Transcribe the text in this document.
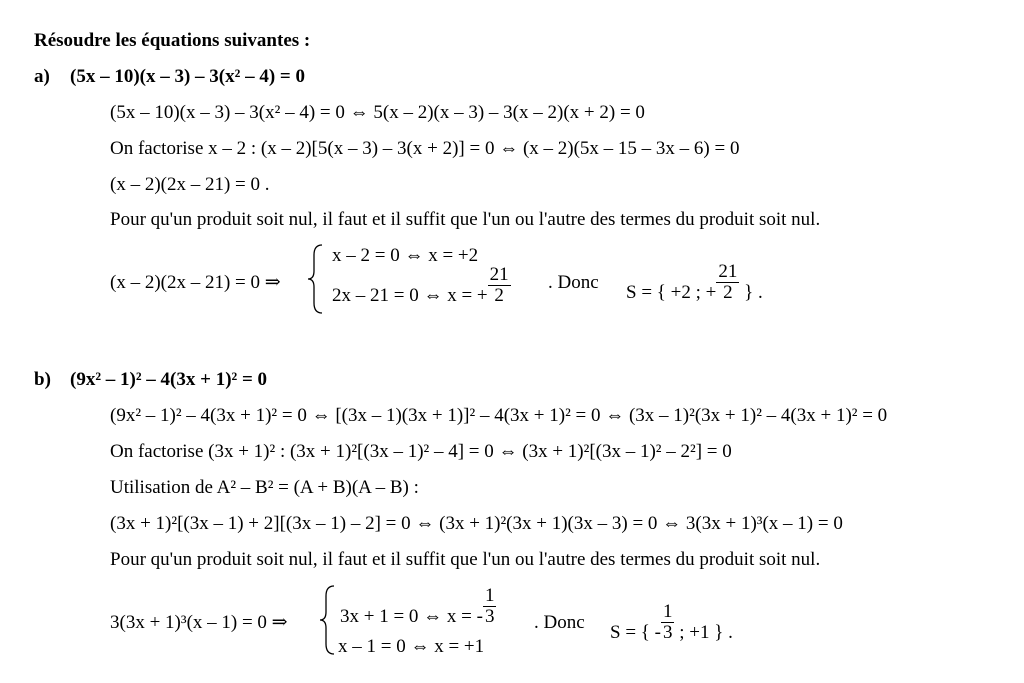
Résoudre les équations suivantes :
a) (5x – 10)(x – 3) – 3(x² – 4) = 0
(5x – 10)(x – 3) – 3(x² – 4) = 0 ⇔ 5(x – 2)(x – 3) – 3(x – 2)(x + 2) = 0
On factorise x – 2 : (x – 2)[5(x – 3) – 3(x + 2)] = 0 ⇔ (x – 2)(5x – 15 – 3x – 6) = 0
(x – 2)(2x – 21) = 0 .
Pour qu'un produit soit nul, il faut et il suffit que l'un ou l'autre des termes du produit soit nul.
(x – 2)(2x – 21) = 0 ⇒
x – 2 = 0 ⇔ x = +2
2x – 21 = 0 ⇔ x = + $\frac{21}{2}$ . Donc S = { +2 ; + $\frac{21}{2}$ } .
b) (9x² – 1)² – 4(3x + 1)² = 0
(9x² – 1)² – 4(3x + 1)² = 0 ⇔ [(3x – 1)(3x + 1)]² – 4(3x + 1)² = 0 ⇔ (3x – 1)²(3x + 1)² – 4(3x + 1)² = 0
On factorise (3x + 1)² : (3x + 1)²[(3x – 1)² – 4] = 0 ⇔ (3x + 1)²[(3x – 1)² – 2²] = 0
Utilisation de A² – B² = (A + B)(A – B) :
(3x + 1)²[(3x – 1) + 2][(3x – 1) – 2] = 0 ⇔ (3x + 1)²(3x + 1)(3x – 3) = 0 ⇔ 3(3x + 1)³(x – 1) = 0
Pour qu'un produit soit nul, il faut et il suffit que l'un ou l'autre des termes du produit soit nul.
3(3x + 1)³(x – 1) = 0 ⇒	3x + 1 = 0 ⇔ x = - $\frac{1}{3}$
x – 1 = 0 ⇔ x = +1
. Donc S = { - $\frac{1}{3}$ ; +1 } .
